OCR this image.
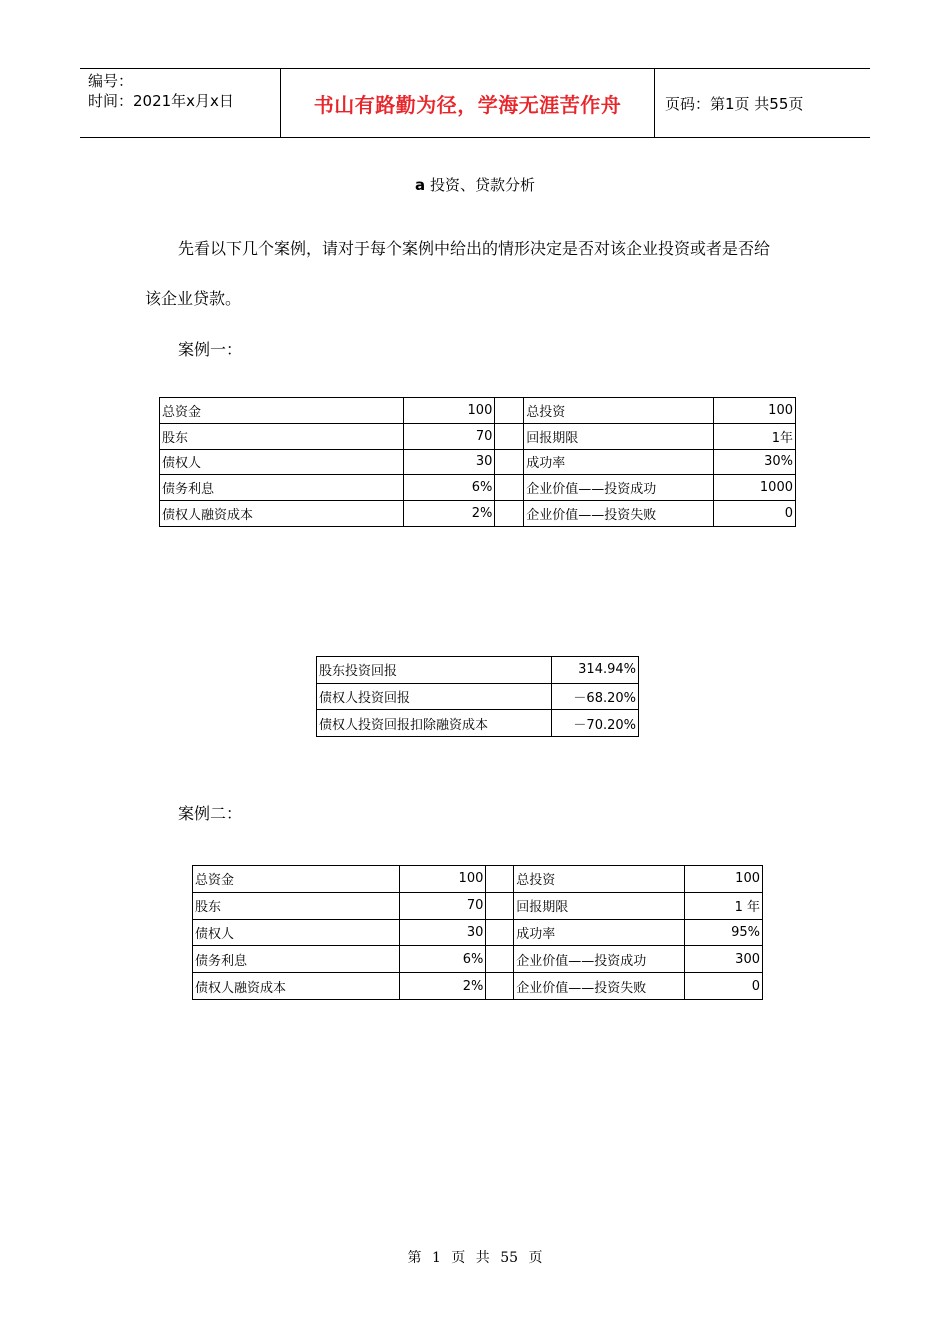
编号：
时间：2021年x月x日	书山有路勤为径，学海无涯苦作舟	页码：第1页 共55页
a 投资、贷款分析
先看以下几个案例，请对于每个案例中给出的情形决定是否对该企业投资或者是否给
该企业贷款。
案例一：
总资金	100		总投资	100
股东	70		回报期限	1年
债权人	30		成功率	30%
债务利息	6%		企业价值——投资成功	1000
债权人融资成本	2%		企业价值——投资失败	0
股东投资回报	314.94%
债权人投资回报	－68.20%
债权人投资回报扣除融资成本	－70.20%
案例二：
总资金	100		总投资	100
股东	70		回报期限	1 年
债权人	30		成功率	95%
债务利息	6%		企业价值——投资成功	300
债权人融资成本	2%		企业价值——投资失败	0
第 1 页 共 55 页
